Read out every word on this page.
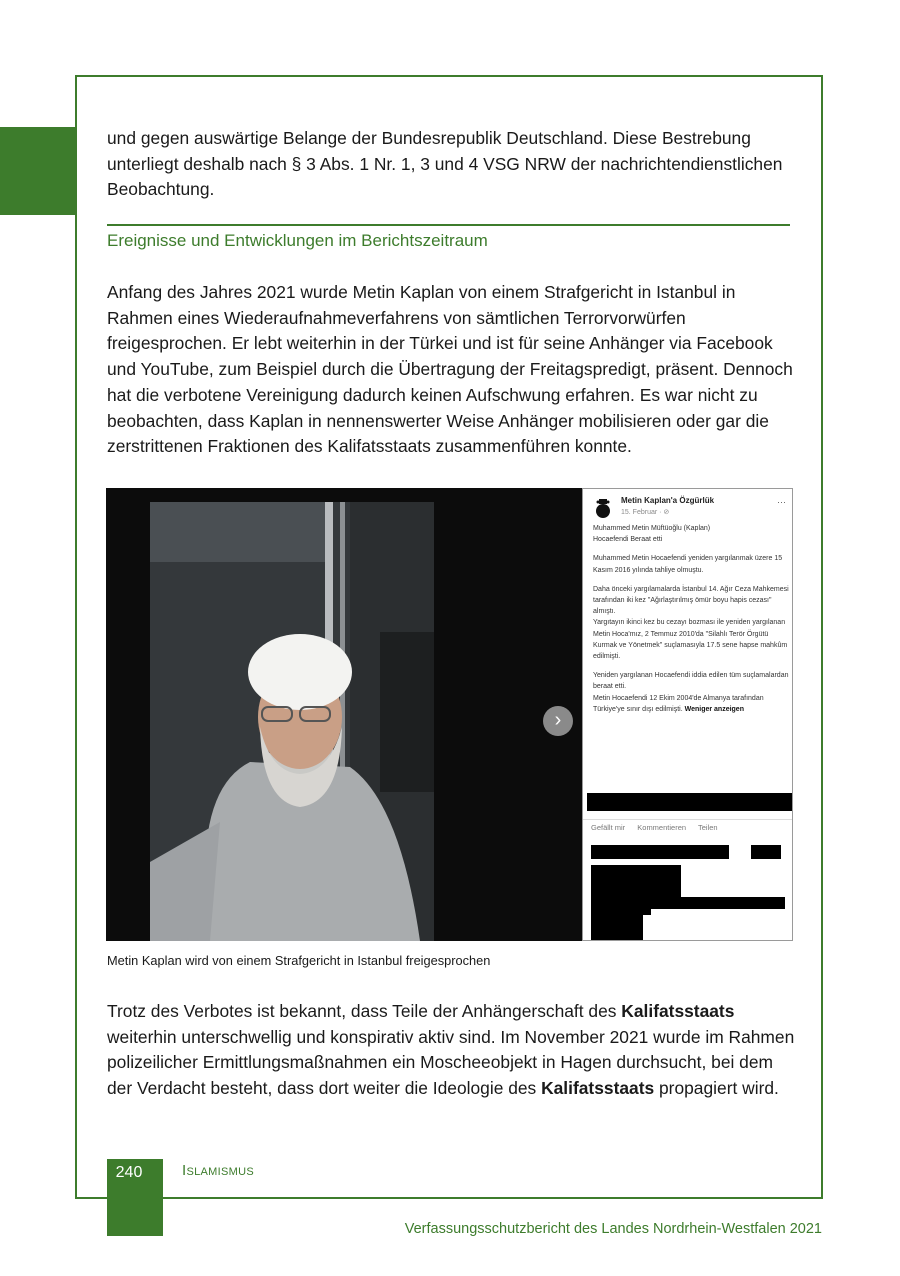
und gegen auswärtige Belange der Bundesrepublik Deutschland. Diese Bestrebung unterliegt deshalb nach § 3 Abs. 1 Nr. 1, 3 und 4 VSG NRW der nachrichtendienstlichen Beobachtung.

Ereignisse und Entwicklungen im Berichtszeitraum

Anfang des Jahres 2021 wurde Metin Kaplan von einem Strafgericht in Istanbul in Rahmen eines Wiederaufnahmeverfahrens von sämtlichen Terrorvorwürfen freigesprochen. Er lebt weiterhin in der Türkei und ist für seine Anhänger via Facebook und YouTube, zum Beispiel durch die Übertragung der Freitagspredigt, präsent. Dennoch hat die verbotene Vereinigung dadurch keinen Aufschwung erfahren. Es war nicht zu beobachten, dass Kaplan in nennenswerter Weise Anhänger mobilisieren oder gar die zerstrittenen Fraktionen des Kalifatsstaats zusammenführen konnte.

›
Metin Kaplan'a Özgürlük
15. Februar · ⊘
···

Muhammed Metin Müftüoğlu (Kaplan)
Hocaefendi Beraat etti

Muhammed Metin Hocaefendi yeniden yargılanmak üzere 15 Kasım 2016 yılında tahliye olmuştu.

Daha önceki yargılamalarda İstanbul 14. Ağır Ceza Mahkemesi tarafından iki kez "Ağırlaştırılmış ömür boyu hapis cezası" almıştı.
Yargıtayın ikinci kez bu cezayı bozması ile yeniden yargılanan Metin Hoca'mız, 2 Temmuz 2010'da "Silahlı Terör Örgütü Kurmak ve Yönetmek" suçlamasıyla 17.5 sene hapse mahkûm edilmişti.

Yeniden yargılanan Hocaefendi iddia edilen tüm suçlamalardan beraat etti.
Metin Hocaefendi 12 Ekim 2004'de Almanya tarafından Türkiye'ye sınır dışı edilmişti. Weniger anzeigen

Gefällt mir Kommentieren Teilen

Metin Kaplan wird von einem Strafgericht in Istanbul freigesprochen

Trotz des Verbotes ist bekannt, dass Teile der Anhängerschaft des Kalifatsstaats weiterhin unterschwellig und konspirativ aktiv sind. Im November 2021 wurde im Rahmen polizeilicher Ermittlungsmaßnahmen ein Moscheeobjekt in Hagen durchsucht, bei dem der Verdacht besteht, dass dort weiter die Ideologie des Kalifatsstaats propagiert wird.

240	Islamismus
Verfassungsschutzbericht des Landes Nordrhein-Westfalen 2021
